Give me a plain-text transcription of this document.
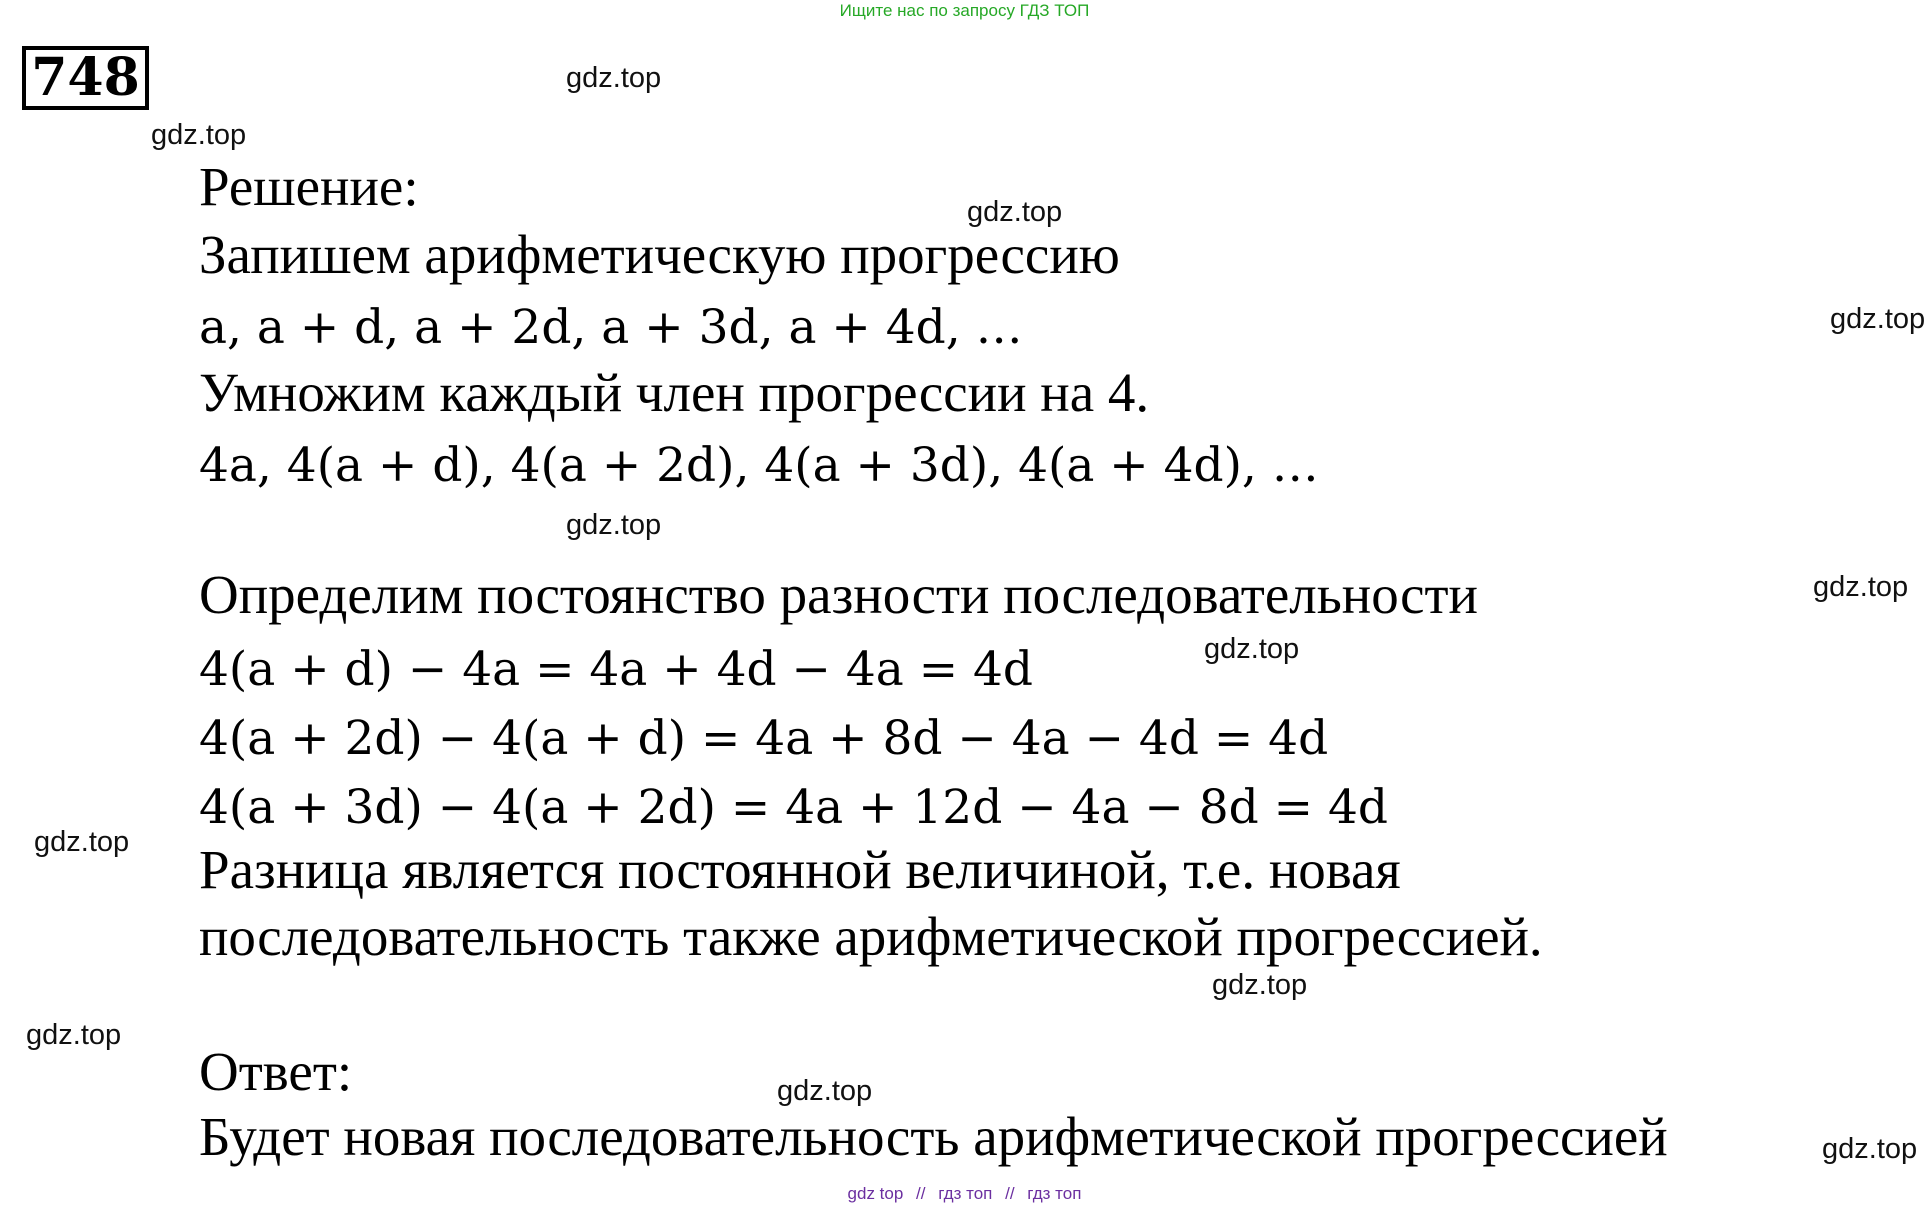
Ищите нас по запросу ГДЗ ТОП
748	gdz.top
gdz.top
gdz.top
gdz.top
gdz.top
gdz.top
gdz.top
gdz.top
gdz.top
gdz.top
gdz.top
gdz.top
Решение:
Запишем арифметическую прогрессию
a, a + d, a + 2d, a + 3d, a + 4d, …
Умножим каждый член прогрессии на 4.
4a, 4(a + d), 4(a + 2d), 4(a + 3d), 4(a + 4d), …
Определим постоянство разности последовательности
4(a + d) − 4a = 4a + 4d − 4a = 4d
4(a + 2d) − 4(a + d) = 4a + 8d − 4a − 4d = 4d
4(a + 3d) − 4(a + 2d) = 4a + 12d − 4a − 8d = 4d
Разница является постоянной величиной, т.е. новая
последовательность также арифметической прогрессией.
Ответ:
Будет новая последовательность арифметической прогрессией
gdz top // гдз топ // гдз топ
